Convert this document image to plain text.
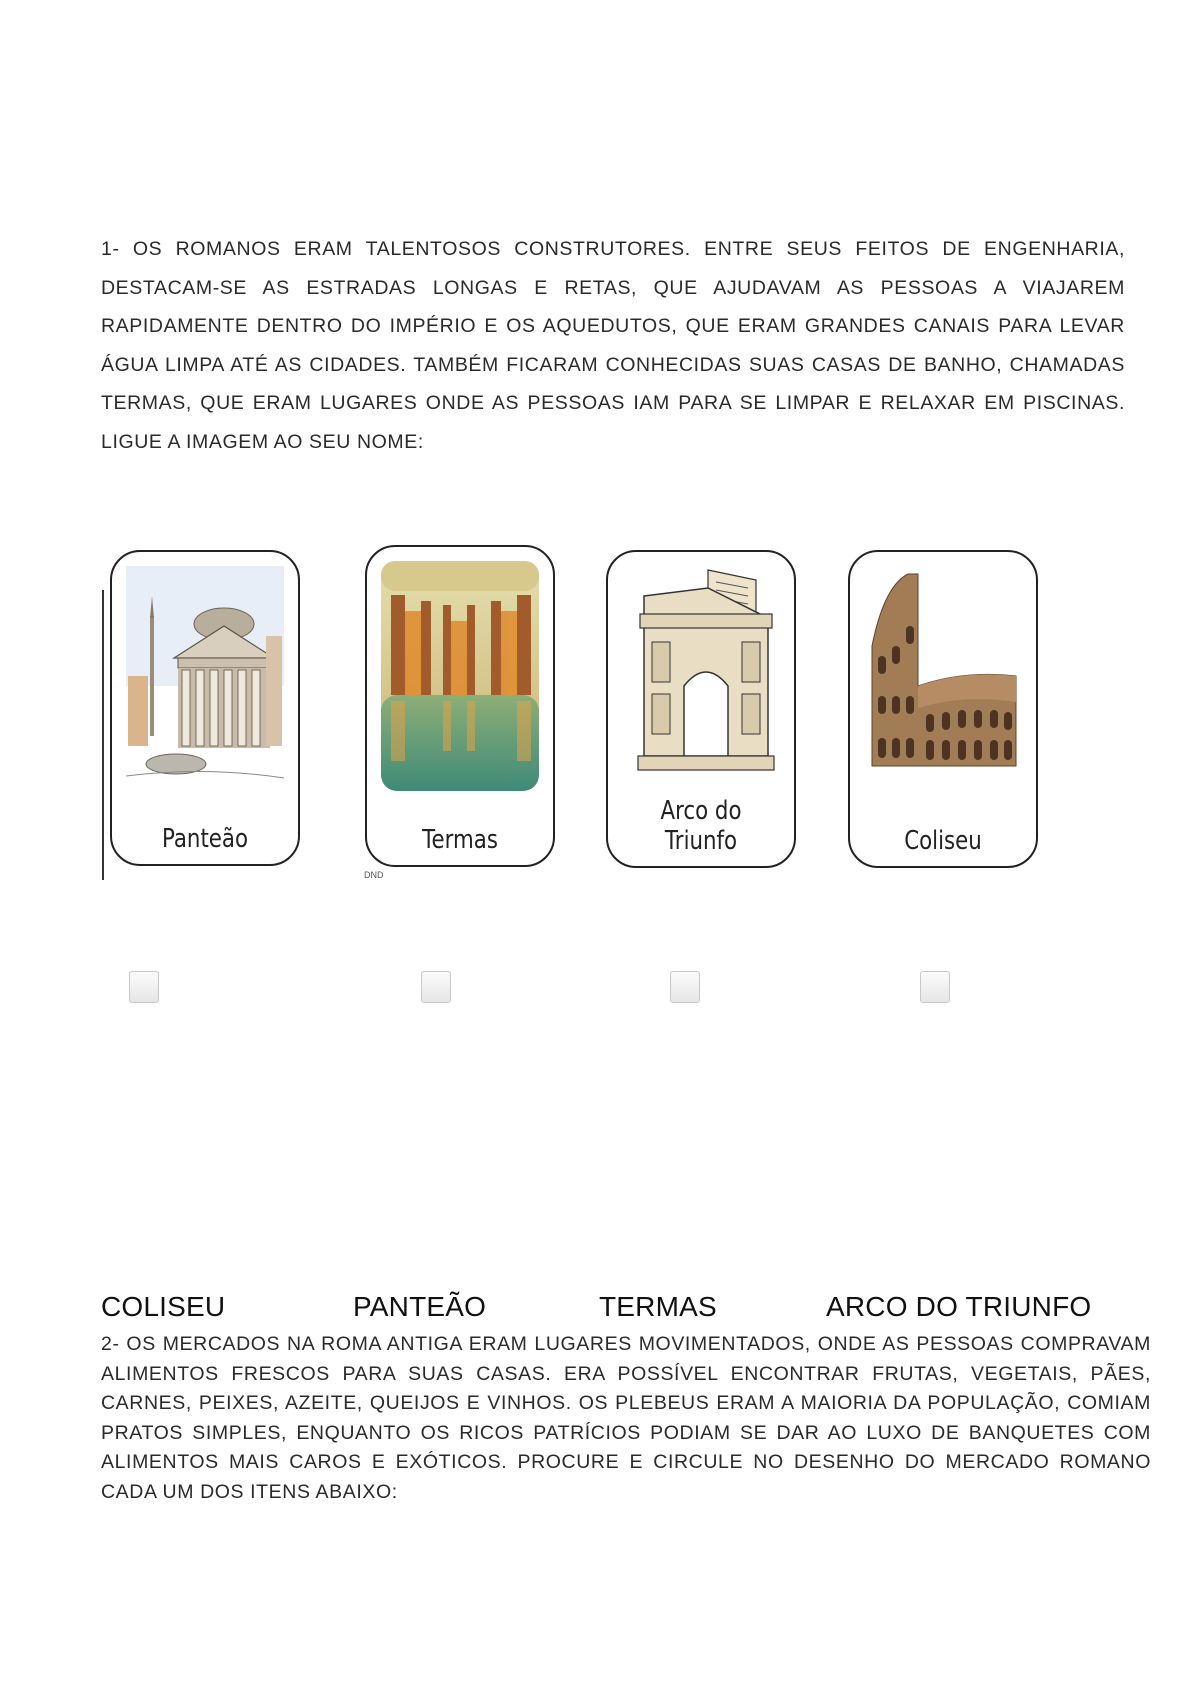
1- OS ROMANOS ERAM TALENTOSOS CONSTRUTORES. ENTRE SEUS FEITOS DE ENGENHARIA, DESTACAM-SE AS ESTRADAS LONGAS E RETAS, QUE AJUDAVAM AS PESSOAS A VIAJAREM RAPIDAMENTE DENTRO DO IMPÉRIO E OS AQUEDUTOS, QUE ERAM GRANDES CANAIS PARA LEVAR ÁGUA LIMPA ATÉ AS CIDADES. TAMBÉM FICARAM CONHECIDAS SUAS CASAS DE BANHO, CHAMADAS TERMAS, QUE ERAM LUGARES ONDE AS PESSOAS IAM PARA SE LIMPAR E RELAXAR EM PISCINAS. LIGUE A IMAGEM AO SEU NOME:

Panteão	Termas
DND
Arco do Triunfo	Coliseu
COLISEU	PANTEÃO	TERMAS	ARCO DO TRIUNFO

2- OS MERCADOS NA ROMA ANTIGA ERAM LUGARES MOVIMENTADOS, ONDE AS PESSOAS COMPRAVAM ALIMENTOS FRESCOS PARA SUAS CASAS. ERA POSSÍVEL ENCONTRAR FRUTAS, VEGETAIS, PÃES, CARNES, PEIXES, AZEITE, QUEIJOS E VINHOS. OS PLEBEUS ERAM A MAIORIA DA POPULAÇÃO, COMIAM PRATOS SIMPLES, ENQUANTO OS RICOS PATRÍCIOS PODIAM SE DAR AO LUXO DE BANQUETES COM ALIMENTOS MAIS CAROS E EXÓTICOS. PROCURE E CIRCULE NO DESENHO DO MERCADO ROMANO CADA UM DOS ITENS ABAIXO:
